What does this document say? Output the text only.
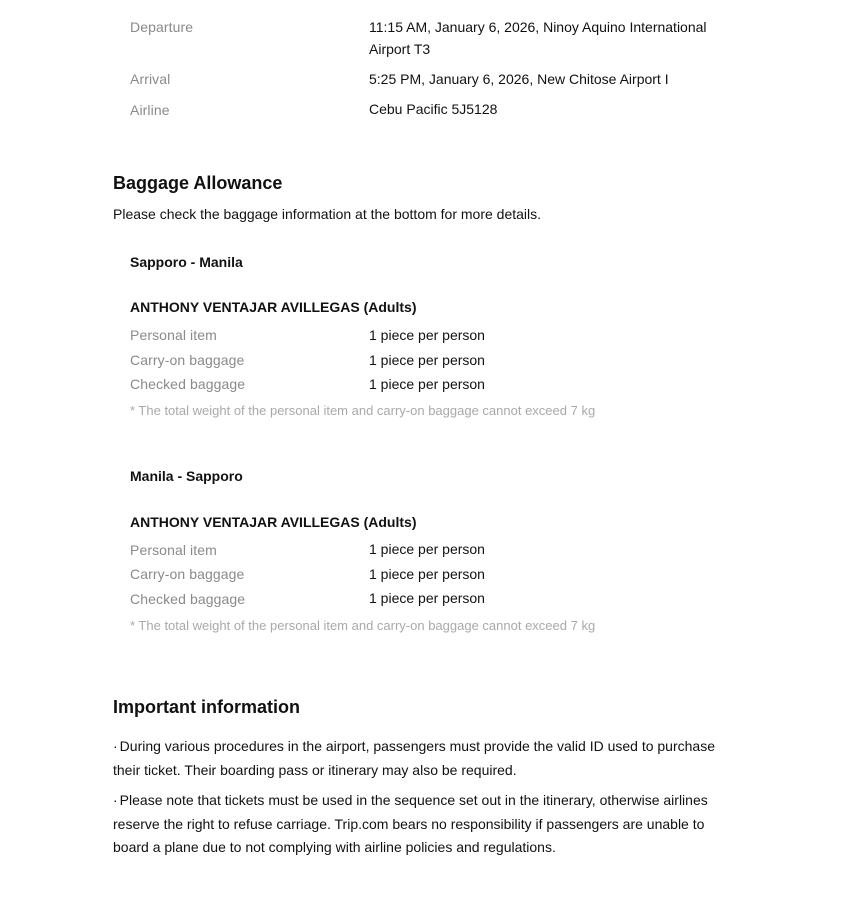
Departure	11:15 AM, January 6, 2026, Ninoy Aquino International Airport T3
Arrival	5:25 PM, January 6, 2026, New Chitose Airport I
Airline	Cebu Pacific 5J5128
Baggage Allowance
Please check the baggage information at the bottom for more details.
Sapporo - Manila
ANTHONY VENTAJAR AVILLEGAS (Adults)
Personal item	1 piece per person
Carry-on baggage	1 piece per person
Checked baggage	1 piece per person
* The total weight of the personal item and carry-on baggage cannot exceed 7 kg
Manila - Sapporo
ANTHONY VENTAJAR AVILLEGAS (Adults)
Personal item	1 piece per person
Carry-on baggage	1 piece per person
Checked baggage	1 piece per person
* The total weight of the personal item and carry-on baggage cannot exceed 7 kg
Important information
· During various procedures in the airport, passengers must provide the valid ID used to purchase their ticket. Their boarding pass or itinerary may also be required.
· Please note that tickets must be used in the sequence set out in the itinerary, otherwise airlines reserve the right to refuse carriage. Trip.com bears no responsibility if passengers are unable to board a plane due to not complying with airline policies and regulations.
